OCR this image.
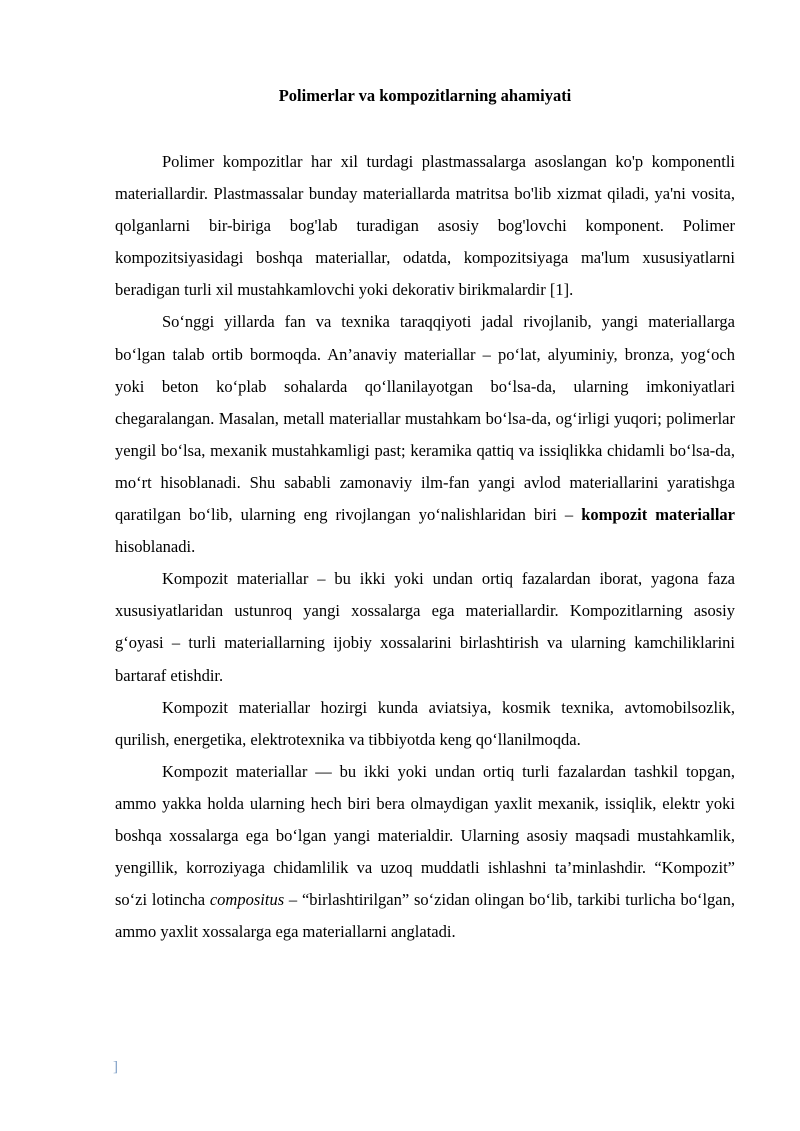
Polimerlar va kompozitlarning ahamiyati

Polimer kompozitlar har xil turdagi plastmassalarga asoslangan ko'p komponentli materiallardir. Plastmassalar bunday materiallarda matritsa bo'lib xizmat qiladi, ya'ni vosita, qolganlarni bir-biriga bog'lab turadigan asosiy bog'lovchi komponent. Polimer kompozitsiyasidagi boshqa materiallar, odatda, kompozitsiyaga ma'lum xususiyatlarni beradigan turli xil mustahkamlovchi yoki dekorativ birikmalardir [1].

Soʻnggi yillarda fan va texnika taraqqiyoti jadal rivojlanib, yangi materiallarga boʻlgan talab ortib bormoqda. An’anaviy materiallar – poʻlat, alyuminiy, bronza, yogʻoch yoki beton koʻplab sohalarda qoʻllanilayotgan boʻlsa-da, ularning imkoniyatlari chegaralangan. Masalan, metall materiallar mustahkam boʻlsa-da, ogʻirligi yuqori; polimerlar yengil boʻlsa, mexanik mustahkamligi past; keramika qattiq va issiqlikka chidamli boʻlsa-da, moʻrt hisoblanadi. Shu sababli zamonaviy ilm-fan yangi avlod materiallarini yaratishga qaratilgan boʻlib, ularning eng rivojlangan yoʻnalishlaridan biri – kompozit materiallar hisoblanadi.

Kompozit materiallar – bu ikki yoki undan ortiq fazalardan iborat, yagona faza xususiyatlaridan ustunroq yangi xossalarga ega materiallardir. Kompozitlarning asosiy gʻoyasi – turli materiallarning ijobiy xossalarini birlashtirish va ularning kamchiliklarini bartaraf etishdir.

Kompozit materiallar hozirgi kunda aviatsiya, kosmik texnika, avtomobilsozlik, qurilish, energetika, elektrotexnika va tibbiyotda keng qoʻllanilmoqda.

Kompozit materiallar — bu ikki yoki undan ortiq turli fazalardan tashkil topgan, ammo yakka holda ularning hech biri bera olmaydigan yaxlit mexanik, issiqlik, elektr yoki boshqa xossalarga ega boʻlgan yangi materialdir. Ularning asosiy maqsadi mustahkamlik, yengillik, korroziyaga chidamlilik va uzoq muddatli ishlashni ta’minlashdir. “Kompozit” soʻzi lotincha compositus – “birlashtirilgan” soʻzidan olingan boʻlib, tarkibi turlicha boʻlgan, ammo yaxlit xossalarga ega materiallarni anglatadi.

]
